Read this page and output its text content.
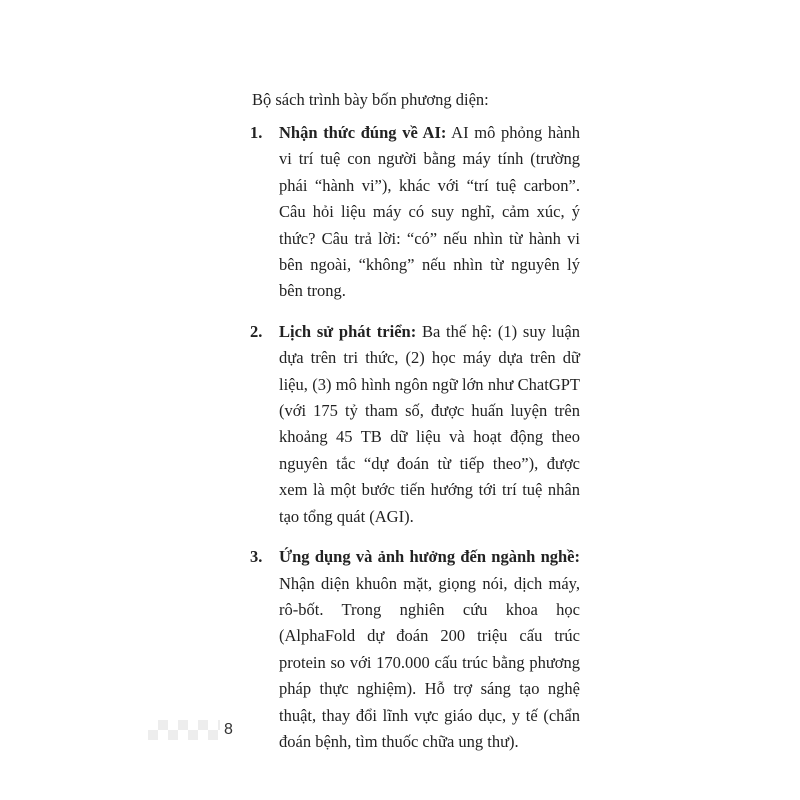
Bộ sách trình bày bốn phương diện:

1. Nhận thức đúng về AI: AI mô phỏng hành vi trí tuệ con người bằng máy tính (trường phái “hành vi”), khác với “trí tuệ carbon”. Câu hỏi liệu máy có suy nghĩ, cảm xúc, ý thức? Câu trả lời: “có” nếu nhìn từ hành vi bên ngoài, “không” nếu nhìn từ nguyên lý bên trong.
2. Lịch sử phát triển: Ba thế hệ: (1) suy luận dựa trên tri thức, (2) học máy dựa trên dữ liệu, (3) mô hình ngôn ngữ lớn như ChatGPT (với 175 tỷ tham số, được huấn luyện trên khoảng 45 TB dữ liệu và hoạt động theo nguyên tắc “dự đoán từ tiếp theo”), được xem là một bước tiến hướng tới trí tuệ nhân tạo tổng quát (AGI).
3. Ứng dụng và ảnh hưởng đến ngành nghề: Nhận diện khuôn mặt, giọng nói, dịch máy, rô-bốt. Trong nghiên cứu khoa học (AlphaFold dự đoán 200 triệu cấu trúc protein so với 170.000 cấu trúc bằng phương pháp thực nghiệm). Hỗ trợ sáng tạo nghệ thuật, thay đổi lĩnh vực giáo dục, y tế (chẩn đoán bệnh, tìm thuốc chữa ung thư).
8
